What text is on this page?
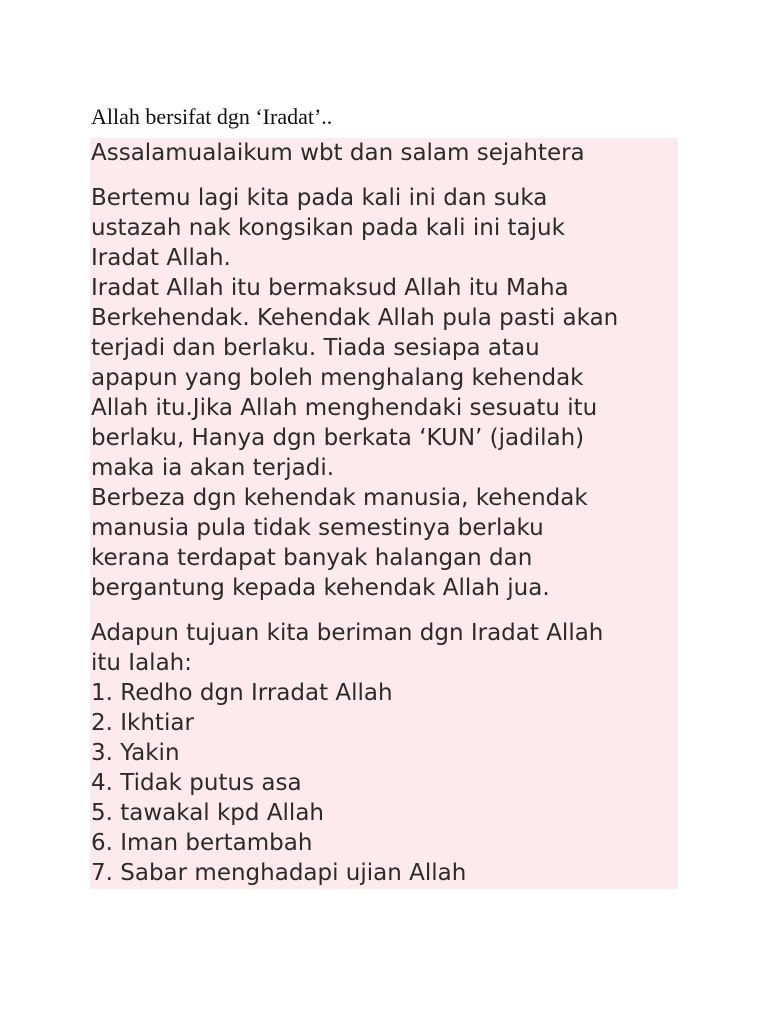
Allah bersifat dgn ‘Iradat’..
Assalamualaikum wbt dan salam sejahtera
Bertemu lagi kita pada kali ini dan suka
ustazah nak kongsikan pada kali ini tajuk
Iradat Allah.
Iradat Allah itu bermaksud Allah itu Maha
Berkehendak. Kehendak Allah pula pasti akan
terjadi dan berlaku. Tiada sesiapa atau
apapun yang boleh menghalang kehendak
Allah itu.Jika Allah menghendaki sesuatu itu
berlaku, Hanya dgn berkata ‘KUN’ (jadilah)
maka ia akan terjadi.
Berbeza dgn kehendak manusia, kehendak
manusia pula tidak semestinya berlaku
kerana terdapat banyak halangan dan
bergantung kepada kehendak Allah jua.
Adapun tujuan kita beriman dgn Iradat Allah
itu Ialah:
1. Redho dgn Irradat Allah
2. Ikhtiar
3. Yakin
4. Tidak putus asa
5. tawakal kpd Allah
6. Iman bertambah
7. Sabar menghadapi ujian Allah
